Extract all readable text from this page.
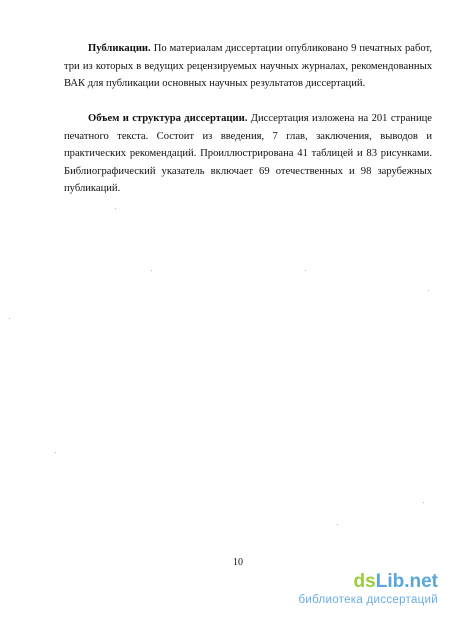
Публикации. По материалам диссертации опубликовано 9 печатных работ, три из которых в ведущих рецензируемых научных журналах, рекомендованных ВАК для публикации основных научных результатов диссертаций.

Объем и структура диссертации. Диссертация изложена на 201 странице печатного текста. Состоит из введения, 7 глав, заключения, выводов и практических рекомендаций. Проиллюстрирована 41 таблицей и 83 рисунками. Библиографический указатель включает 69 отечественных и 98 зарубежных публикаций.

10
dsLib.net
библиотека диссертаций
